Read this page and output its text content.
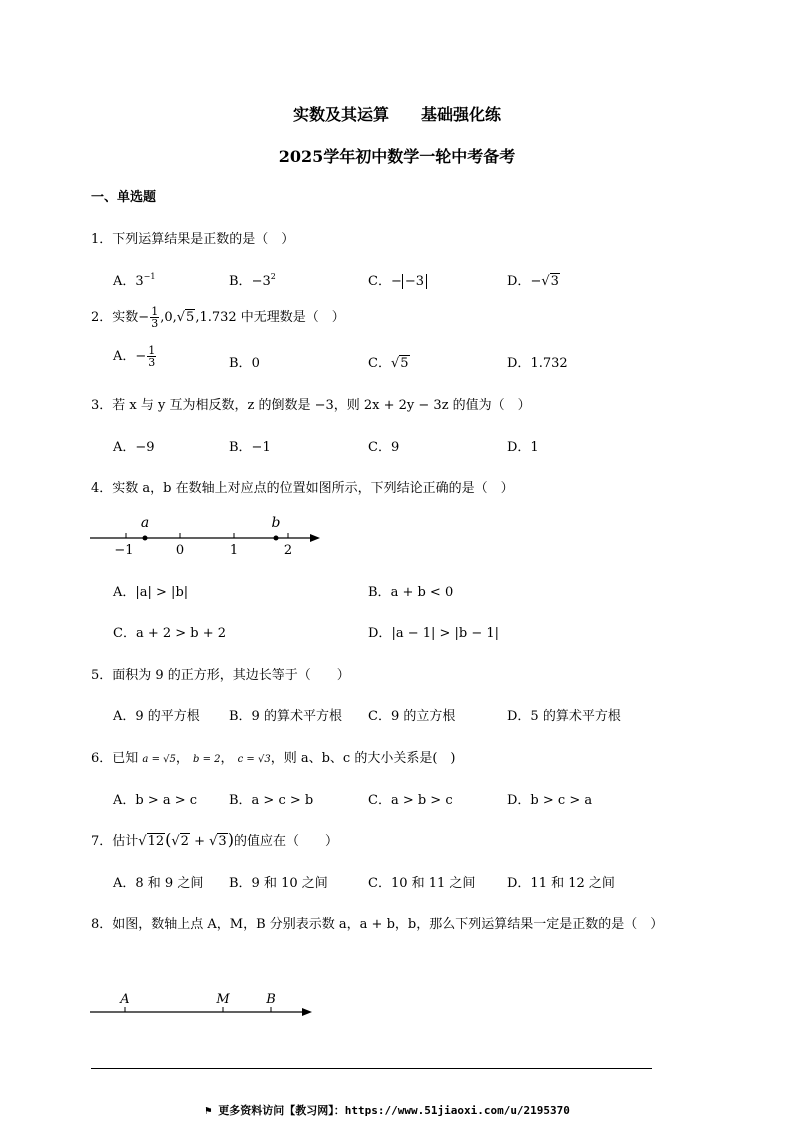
实数及其运算　　基础强化练
2025学年初中数学一轮中考备考
一、单选题
1．下列运算结果是正数的是（　）
A．$3^{-1}$	B．$-3^2$	C．− −3	D．−√3
2．实数− $\frac{1}{3} ,0,√5,1.732$ 中无理数是（　）
A．− $\frac{1}{3}$	B．0	C．√5	D．1.732
3．若 x 与 y 互为相反数，z 的倒数是 −3，则 2x + 2y − 3z 的值为（　）
A．−9	B．−1	C．9	D．1
4．实数 a，b 在数轴上对应点的位置如图所示，下列结论正确的是（　）
a	b
−1	0	1	2
A．|a| > |b|	B．a + b < 0
C．a + 2 > b + 2	D．|a − 1| > |b − 1|
5．面积为 9 的正方形，其边长等于（　　）
A．9 的平方根 B．9 的算术平方根 C．9 的立方根	D．5 的算术平方根
6．已知 a = √5， b = 2， c = √3，则 a、b、c 的大小关系是(　)
A．b > a > c B．a > c > b	C．a > b > c	D．b > c > a
7．估计√12(√2 + √3)的值应在（　　）
A．8 和 9 之间 B．9 和 10 之间	C．10 和 11 之间 D．11 和 12 之间
8．如图，数轴上点 A，M，B 分别表示数 a，a + b，b，那么下列运算结果一定是正数的是（　）
A	M	B
⚑ 更多资料访问【教习网】：https://www.51jiaoxi.com/u/2195370
